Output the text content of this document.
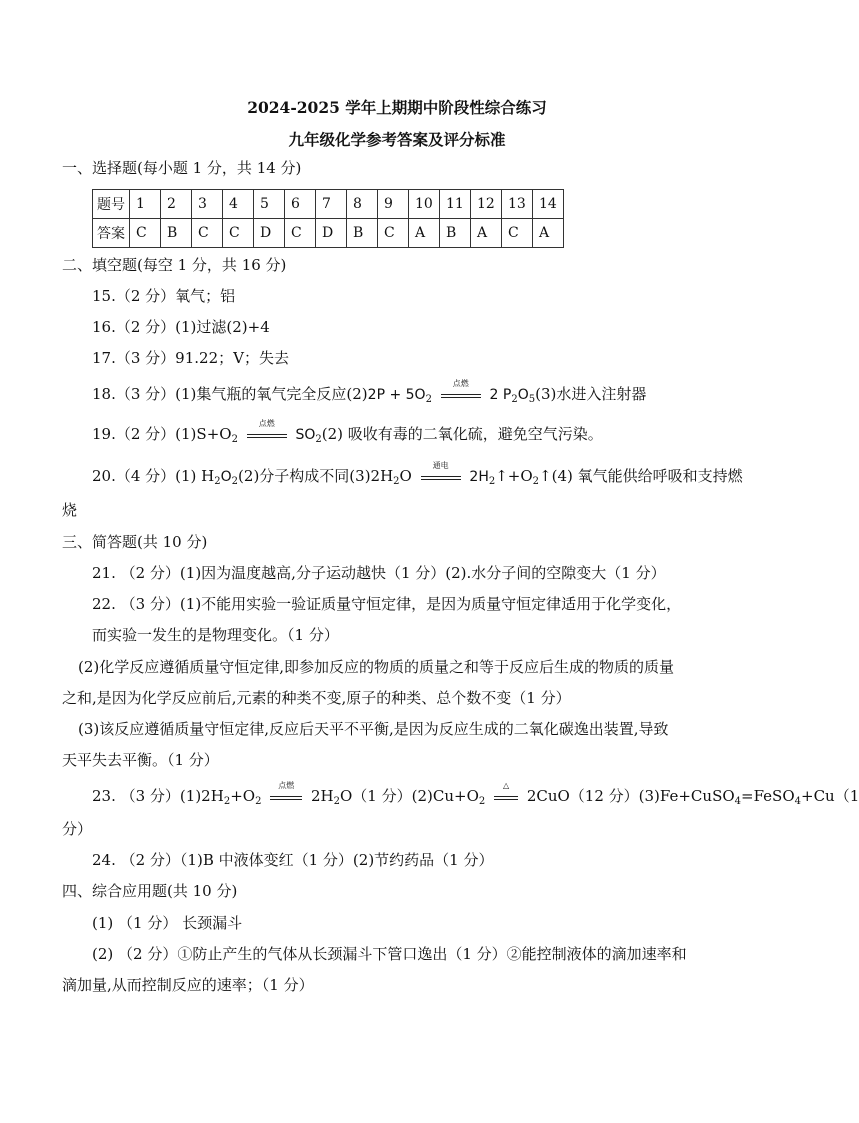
2024-2025 学年上期期中阶段性综合练习
九年级化学参考答案及评分标准
一、选择题(每小题 1 分，共 14 分)
题号	1	2	3	4	5	6	7	8	9	10	11	12	13	14
答案	C	B	C	C	D	C	D	B	C	A	B	A	C	A
二、填空题(每空 1 分，共 16 分)
15.（2 分）氧气；铝
16.（2 分）(1)过滤(2)+4
17.（3 分）91.22；V；失去
18.（3 分）(1)集气瓶的氧气完全反应$(2)2P + 5O_2$
点燃
2 $P_2O_5(3)$水进入注射器
19.（2 分）$(1)S+O_2$
点燃
$SO_2(2)$ 吸收有毒的二氧化硫，避免空气污染。
20.（4 分）(1) $H_2O_2(2)$分子构成不同$(3)2H_2O$
通电
$2H_2↑+O_2↑(4)$ 氧气能供给呼吸和支持燃
烧
三、简答题(共 10 分)
21. （2 分）(1)因为温度越高,分子运动越快（1 分）(2).水分子间的空隙变大（1 分）
22. （3 分）(1)不能用实验一验证质量守恒定律，是因为质量守恒定律适用于化学变化，
而实验一发生的是物理变化。（1 分）
(2)化学反应遵循质量守恒定律,即参加反应的物质的质量之和等于反应后生成的物质的质量
之和,是因为化学反应前后,元素的种类不变,原子的种类、总个数不变（1 分）
(3)该反应遵循质量守恒定律,反应后天平不平衡,是因为反应生成的二氧化碳逸出装置,导致
天平失去平衡。（1 分）
23. （3 分）$(1)2H_2+O_2$
点燃
$2H_2O(1$ 分）$(2)Cu+O_2$
△
2CuO（12 分）(3)Fe+CuSO$_4$=FeSO$_4$+Cu（1
分）
24. （2 分）（1)B 中液体变红（1 分）(2)节约药品（1 分）
四、综合应用题(共 10 分)
(1) （1 分） 长颈漏斗
(2) （2 分）①防止产生的气体从长颈漏斗下管口逸出（1 分）②能控制液体的滴加速率和
滴加量,从而控制反应的速率；（1 分）
